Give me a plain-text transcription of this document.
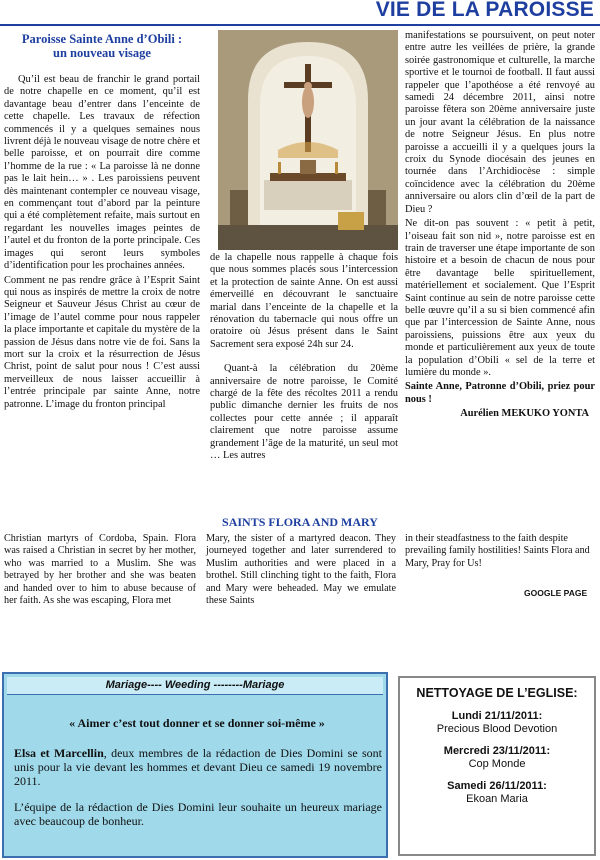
VIE DE LA PAROISSE
Paroisse Sainte Anne d’Obili :
un nouveau visage

Qu’il est beau de franchir le grand portail de notre chapelle en ce moment, qu’il est davantage beau d’entrer dans l’enceinte de cette chapelle. Les travaux de réfection commencés il y a quelques semaines nous livrent déjà le nouveau visage de notre chère et belle paroisse, et on pourrait dire comme l’homme de la rue : « La paroisse là ne donne pas le lait hein… » . Les paroissiens peuvent dès maintenant contempler ce nouveau visage, en commençant tout d’abord par la peinture qui a été complètement refaite, mais surtout en regardant les nouvelles images peintes de l’autel et du fronton de la porte principale. Ces images qui seront leurs symboles d’identification pour les prochaines années.

Comment ne pas rendre grâce à l’Esprit Saint qui nous as inspirés de mettre la croix de notre Seigneur et Sauveur Jésus Christ au cœur de l’image de l’autel comme pour nous rappeler la place importante et capitale du mystère de la passion de Jésus dans notre vie de foi. Sans la mort sur la croix et la résurrection de Jésus Christ, point de salut pour nous ! C’est aussi merveilleux de nous laisser accueillir à l’entrée principale par sainte Anne, notre patronne. L’image du fronton principal

de la chapelle nous rappelle à chaque fois que nous sommes placés sous l’intercession et la protection de sainte Anne. On est aussi émerveillé en découvrant le sanctuaire marial dans l’enceinte de la chapelle et la rénovation du tabernacle qui nous offre un oratoire où Jésus présent dans le Saint Sacrement sera exposé 24h sur 24.

Quant-à la célébration du 20ème anniversaire de notre paroisse, le Comité chargé de la fête des récoltes 2011 a rendu public dimanche dernier les fruits de nos collectes pour cette année ; il apparaît clairement que notre paroisse assume grandement l’âge de la maturité, un seul mot … Les autres

manifestations se poursuivent, on peut noter entre autre les veillées de prière, la grande soirée gastronomique et culturelle, la marche sportive et le tournoi de football. Il faut aussi rappeler que l’apothéose a été renvoyé au samedi 24 décembre 2011, ainsi notre paroisse fêtera son 20ème anniversaire juste un jour avant la célébration de la naissance de notre Seigneur Jésus. En plus notre paroisse a accueilli il y a quelques jours la croix du Synode diocésain des jeunes en tournée dans l’Archidiocèse : simple coïncidence avec la célébration du 20ème anniversaire ou alors clin d’œil de la part de Dieu ?

Ne dit-on pas souvent : « petit à petit, l’oiseau fait son nid », notre paroisse est en train de traverser une étape importante de son histoire et a besoin de chacun de nous pour être davantage belle spirituellement, matériellement et socialement. Que l’Esprit Saint continue au sein de notre paroisse cette belle œuvre qu’il a su si bien commencé afin que par l’intercession de Sainte Anne, nous paroissiens, puissions être aux yeux du monde et particulièrement aux yeux de toute la population d’Obili « sel de la terre et lumière du monde ».

Sainte Anne, Patronne d’Obili, priez pour nous !

Aurélien MEKUKO YONTA

SAINTS FLORA AND MARY
Christian martyrs of Cordoba, Spain. Flora was raised a Christian in secret by her mother, who was married to a Muslim. She was betrayed by her brother and she was beaten and handed over to him to abuse because of her faith. As she was escaping, Flora met
Mary, the sister of a martyred deacon. They journeyed together and later surrendered to Muslim authorities and were placed in a brothel. Still clinching tight to the faith, Flora and Mary were beheaded. May we emulate these Saints
in their steadfastness to the faith despite prevailing family hostilities! Saints Flora and Mary, Pray for Us!
GOOGLE PAGE
Mariage---- Weeding --------Mariage
« Aimer c’est tout donner et se donner soi-même »

Elsa et Marcellin, deux membres de la rédaction de Dies Domini se sont unis pour la vie devant les hommes et devant Dieu ce samedi 19 novembre 2011.

L’équipe de la rédaction de Dies Domini leur souhaite un heureux mariage avec beaucoup de bonheur.

NETTOYAGE DE L’EGLISE:
Lundi 21/11/2011:
Precious Blood Devotion
Mercredi 23/11/2011:
Cop Monde
Samedi 26/11/2011:
Ekoan Maria
